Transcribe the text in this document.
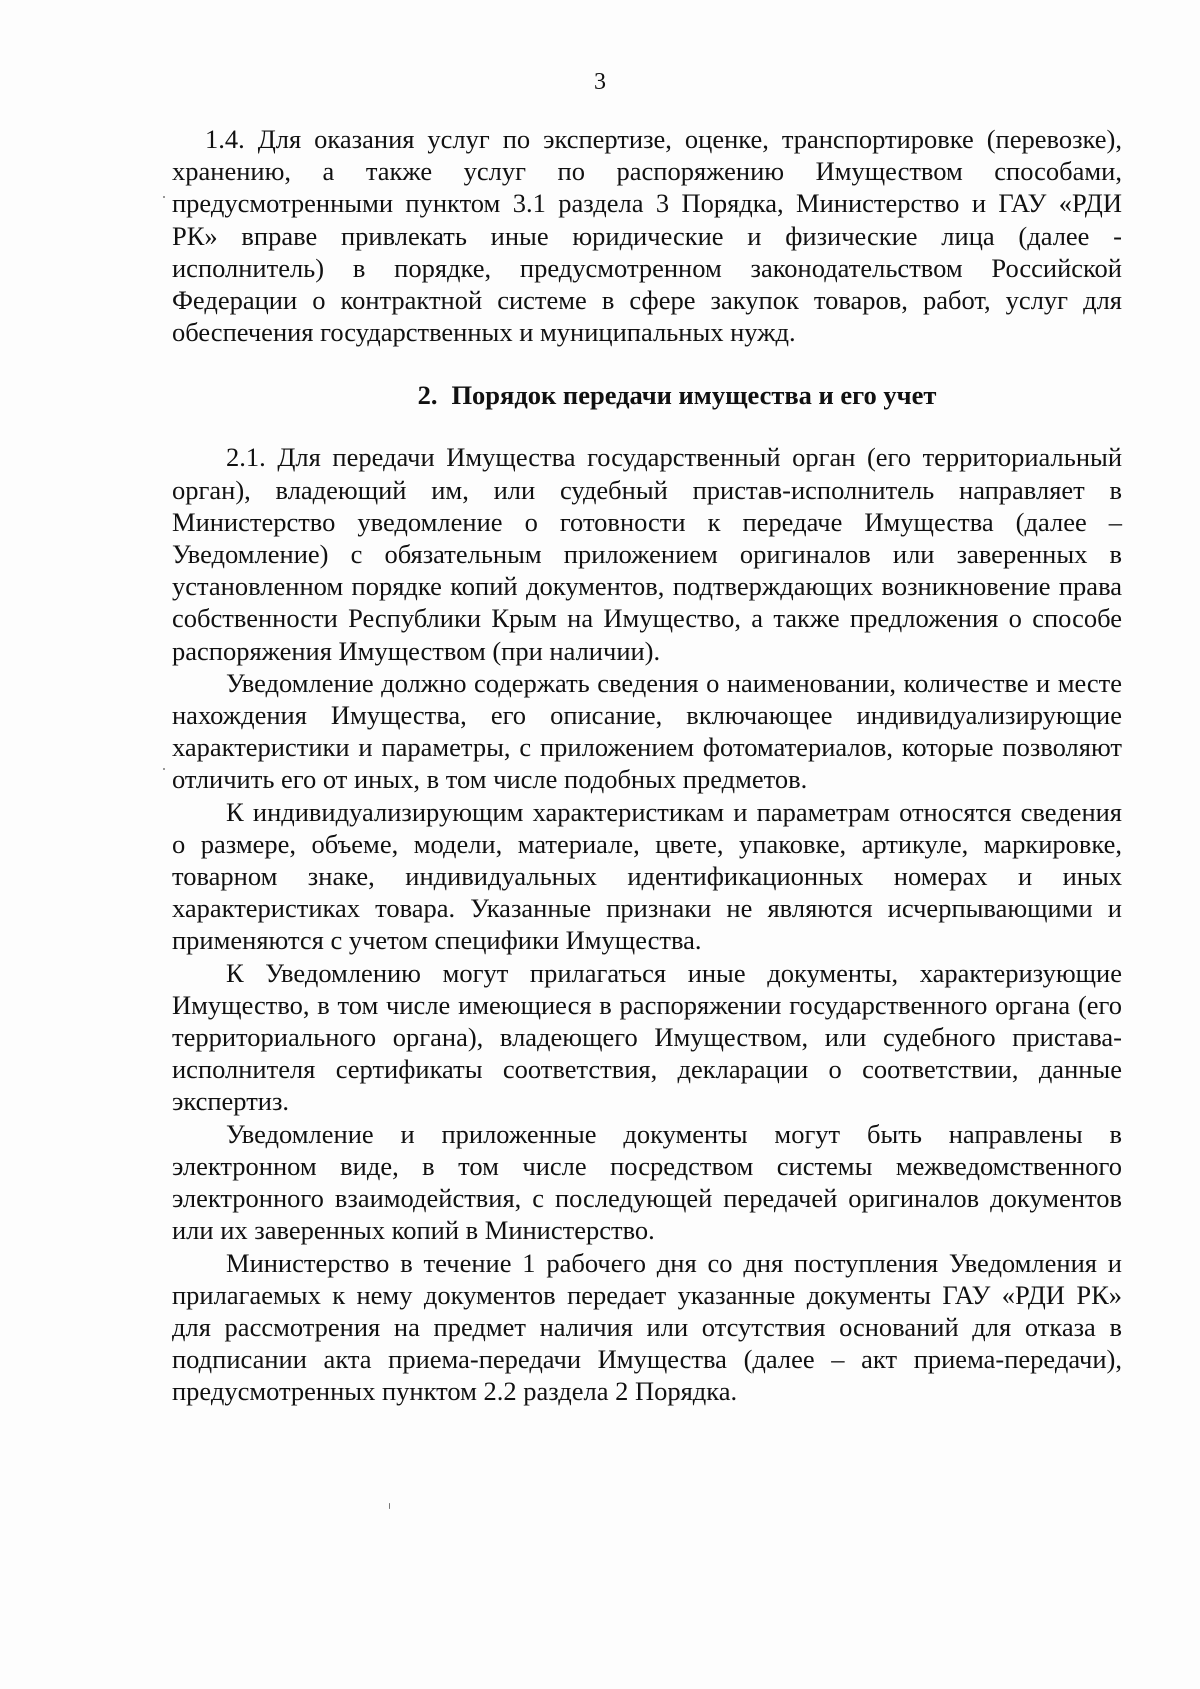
3

1.4. Для оказания услуг по экспертизе, оценке, транспортировке (перевозке), хранению, а также услуг по распоряжению Имуществом способами, предусмотренными пунктом 3.1 раздела 3 Порядка, Министерство и ГАУ «РДИ РК» вправе привлекать иные юридические и физические лица (далее - исполнитель) в порядке, предусмотренном законодательством Российской Федерации о контрактной системе в сфере закупок товаров, работ, услуг для обеспечения государственных и муниципальных нужд.

2. Порядок передачи имущества и его учет

2.1. Для передачи Имущества государственный орган (его территориальный орган), владеющий им, или судебный пристав-исполнитель направляет в Министерство уведомление о готовности к передаче Имущества (далее – Уведомление) с обязательным приложением оригиналов или заверенных в установленном порядке копий документов, подтверждающих возникновение права собственности Республики Крым на Имущество, а также предложения о способе распоряжения Имуществом (при наличии).

Уведомление должно содержать сведения о наименовании, количестве и месте нахождения Имущества, его описание, включающее индивидуализирующие характеристики и параметры, с приложением фотоматериалов, которые позволяют отличить его от иных, в том числе подобных предметов.

К индивидуализирующим характеристикам и параметрам относятся сведения о размере, объеме, модели, материале, цвете, упаковке, артикуле, маркировке, товарном знаке, индивидуальных идентификационных номерах и иных характеристиках товара. Указанные признаки не являются исчерпывающими и применяются с учетом специфики Имущества.

К Уведомлению могут прилагаться иные документы, характеризующие Имущество, в том числе имеющиеся в распоряжении государственного органа (его территориального органа), владеющего Имуществом, или судебного пристава-исполнителя сертификаты соответствия, декларации о соответствии, данные экспертиз.

Уведомление и приложенные документы могут быть направлены в электронном виде, в том числе посредством системы межведомственного электронного взаимодействия, с последующей передачей оригиналов документов или их заверенных копий в Министерство.

Министерство в течение 1 рабочего дня со дня поступления Уведомления и прилагаемых к нему документов передает указанные документы ГАУ «РДИ РК» для рассмотрения на предмет наличия или отсутствия оснований для отказа в подписании акта приема-передачи Имущества (далее – акт приема-передачи), предусмотренных пунктом 2.2 раздела 2 Порядка.
